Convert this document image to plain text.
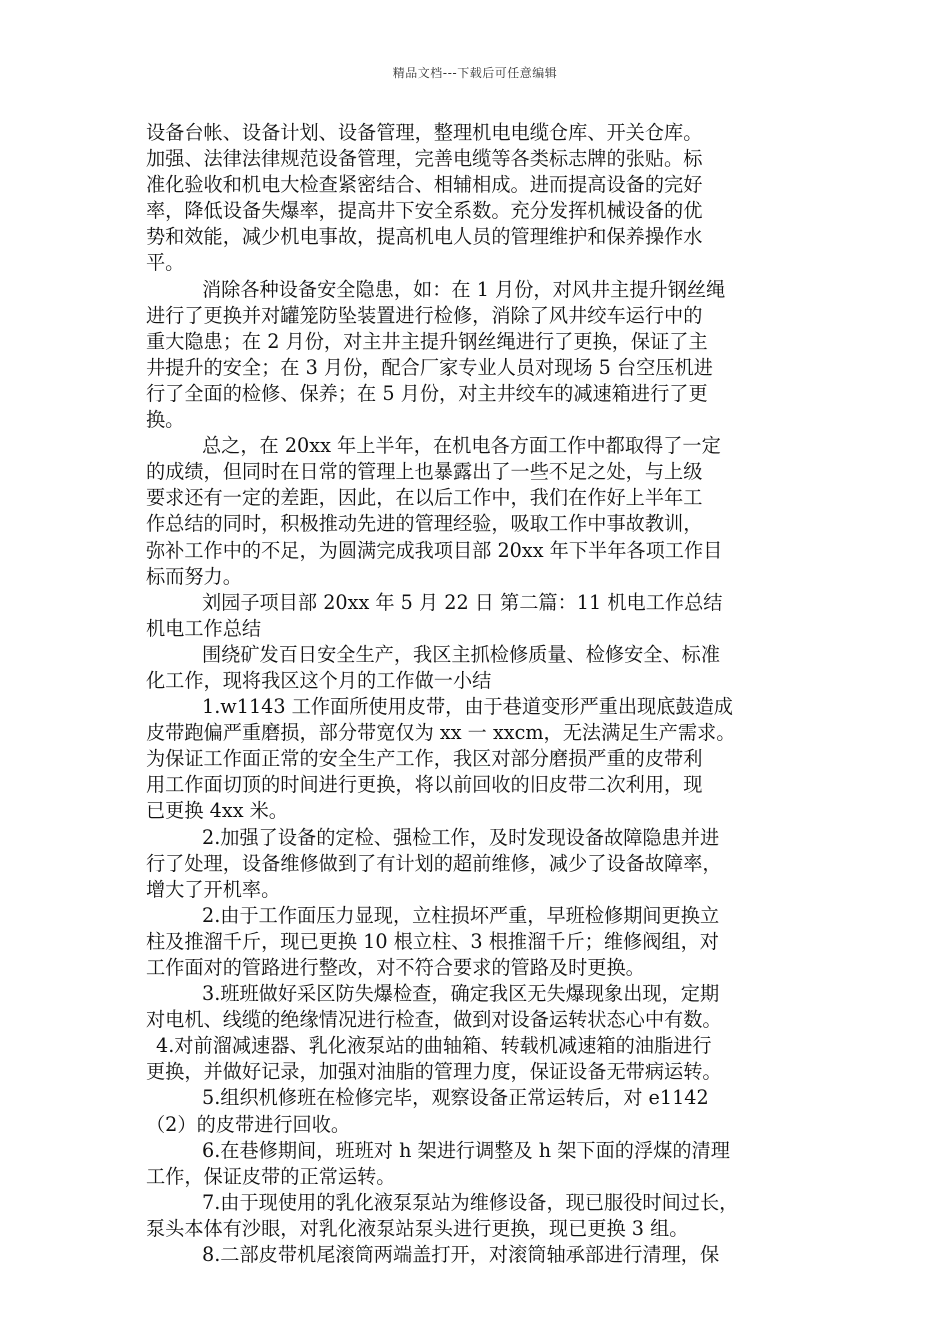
精品文档---下载后可任意编辑
设备台帐、设备计划、设备管理，整理机电电缆仓库、开关仓库。
加强、法律法律规范设备管理，完善电缆等各类标志牌的张贴。标
准化验收和机电大检查紧密结合、相辅相成。进而提高设备的完好
率，降低设备失爆率，提高井下安全系数。充分发挥机械设备的优
势和效能，减少机电事故，提高机电人员的管理维护和保养操作水
平。
消除各种设备安全隐患，如：在 1 月份，对风井主提升钢丝绳
进行了更换并对罐笼防坠装置进行检修，消除了风井绞车运行中的
重大隐患；在 2 月份，对主井主提升钢丝绳进行了更换，保证了主
井提升的安全；在 3 月份，配合厂家专业人员对现场 5 台空压机进
行了全面的检修、保养；在 5 月份，对主井绞车的减速箱进行了更
换。
总之，在 20xx 年上半年，在机电各方面工作中都取得了一定
的成绩，但同时在日常的管理上也暴露出了一些不足之处，与上级
要求还有一定的差距，因此，在以后工作中，我们在作好上半年工
作总结的同时，积极推动先进的管理经验，吸取工作中事故教训，
弥补工作中的不足，为圆满完成我项目部 20xx 年下半年各项工作目
标而努力。
刘园子项目部 20xx 年 5 月 22 日 第二篇：11 机电工作总结
机电工作总结
围绕矿发百日安全生产，我区主抓检修质量、检修安全、标准
化工作，现将我区这个月的工作做一小结
1.w1143 工作面所使用皮带，由于巷道变形严重出现底鼓造成
皮带跑偏严重磨损，部分带宽仅为 xx 一 xxcm，无法满足生产需求。
为保证工作面正常的安全生产工作，我区对部分磨损严重的皮带利
用工作面切顶的时间进行更换，将以前回收的旧皮带二次利用，现
已更换 4xx 米。
2.加强了设备的定检、强检工作，及时发现设备故障隐患并进
行了处理，设备维修做到了有计划的超前维修，减少了设备故障率，
增大了开机率。
2.由于工作面压力显现，立柱损坏严重，早班检修期间更换立
柱及推溜千斤，现已更换 10 根立柱、3 根推溜千斤；维修阀组，对
工作面对的管路进行整改，对不符合要求的管路及时更换。
3.班班做好采区防失爆检查，确定我区无失爆现象出现，定期
对电机、线缆的绝缘情况进行检查，做到对设备运转状态心中有数。
4.对前溜减速器、乳化液泵站的曲轴箱、转载机减速箱的油脂进行
更换，并做好记录，加强对油脂的管理力度，保证设备无带病运转。
5.组织机修班在检修完毕，观察设备正常运转后，对 e1142
（2）的皮带进行回收。
6.在巷修期间，班班对 h 架进行调整及 h 架下面的浮煤的清理
工作，保证皮带的正常运转。
7.由于现使用的乳化液泵泵站为维修设备，现已服役时间过长，
泵头本体有沙眼，对乳化液泵站泵头进行更换，现已更换 3 组。
8.二部皮带机尾滚筒两端盖打开，对滚筒轴承部进行清理，保
